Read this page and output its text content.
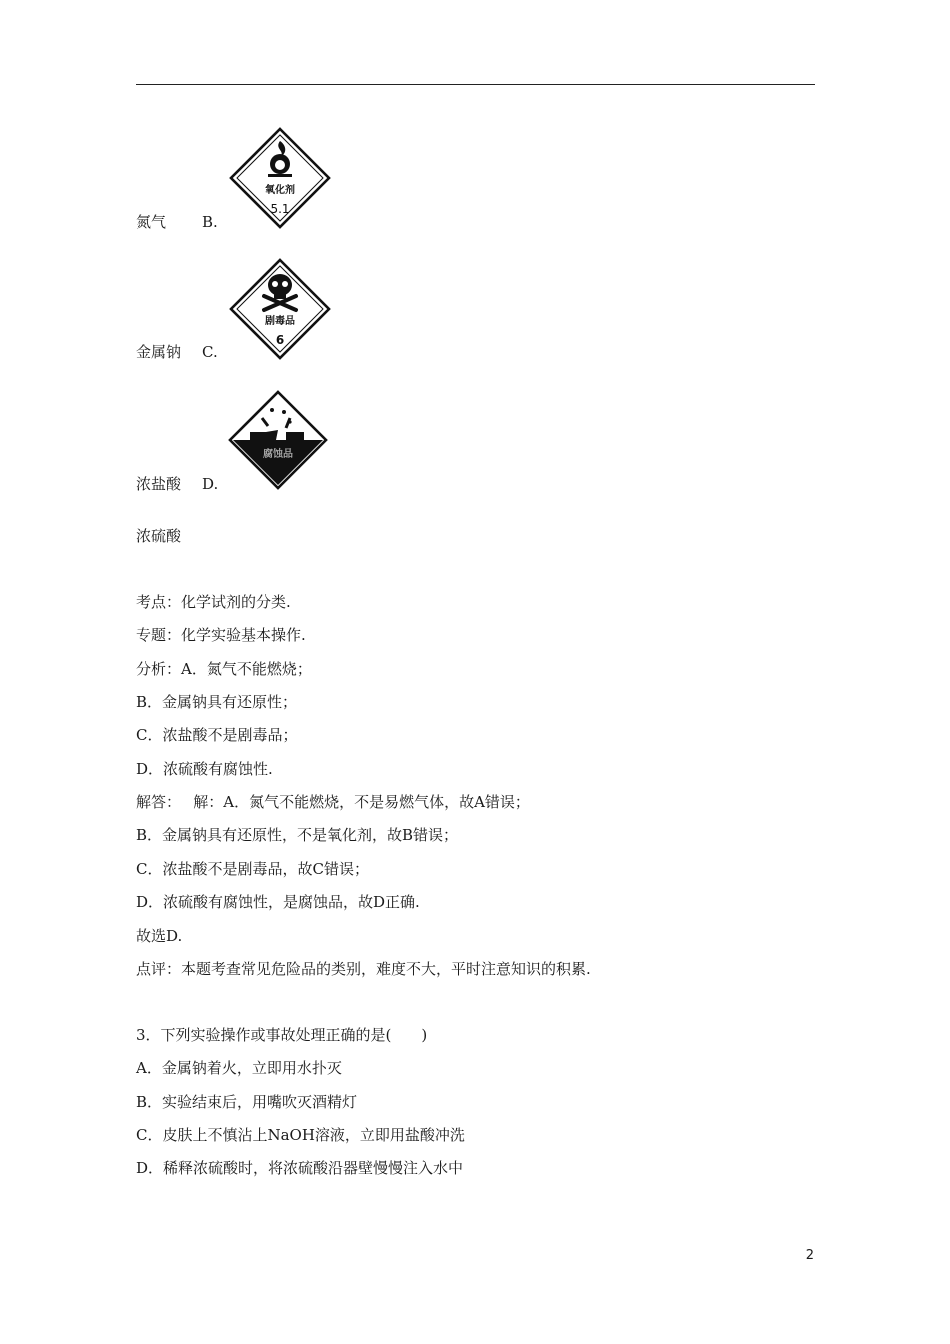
氧化剂
5.1
剧毒品
6
腐蚀品
氮气 B.
金属钠 C.
浓盐酸 D.
浓硫酸
考点：化学试剂的分类.
专题：化学实验基本操作.
分析：A．氮气不能燃烧；
B．金属钠具有还原性；
C．浓盐酸不是剧毒品；
D．浓硫酸有腐蚀性.
解答：　 解：A．氮气不能燃烧，不是易燃气体，故A错误；
B．金属钠具有还原性，不是氧化剂，故B错误；
C．浓盐酸不是剧毒品，故C错误；
D．浓硫酸有腐蚀性，是腐蚀品，故D正确.
故选D.
点评：本题考查常见危险品的类别，难度不大，平时注意知识的积累.
3．下列实验操作或事故处理正确的是(　　)
A．金属钠着火，立即用水扑灭
B．实验结束后，用嘴吹灭酒精灯
C．皮肤上不慎沾上NaOH溶液，立即用盐酸冲洗
D．稀释浓硫酸时，将浓硫酸沿器壁慢慢注入水中
2
